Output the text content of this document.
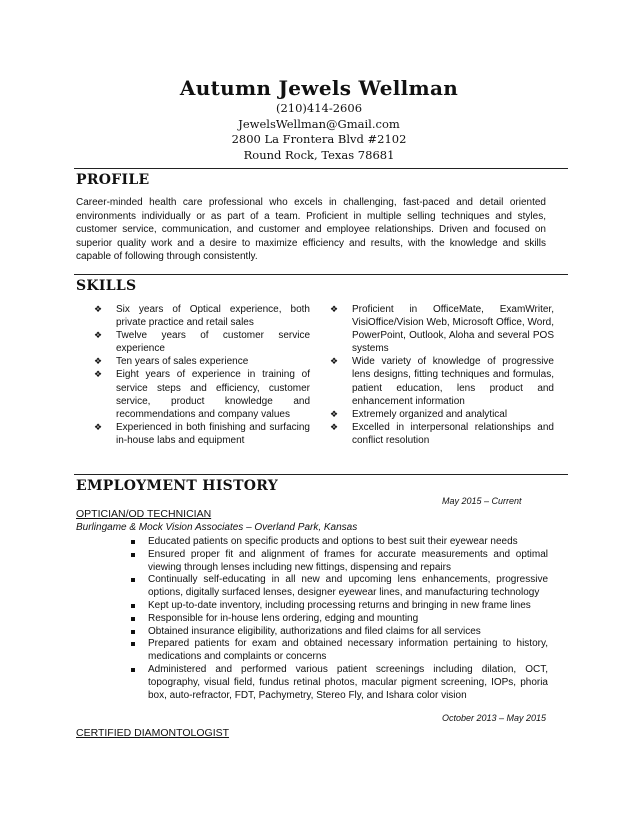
Autumn Jewels Wellman
(210)414-2606
JewelsWellman@Gmail.com
2800 La Frontera Blvd #2102
Round Rock, Texas 78681
PROFILE
Career-minded health care professional who excels in challenging, fast-paced and detail oriented environments individually or as part of a team. Proficient in multiple selling techniques and styles, customer service, communication, and customer and employee relationships. Driven and focused on superior quality work and a desire to maximize efficiency and results, with the knowledge and skills capable of following through consistently.
SKILLS
❖ Six years of Optical experience, both private practice and retail sales
❖ Twelve years of customer service experience
❖ Ten years of sales experience
❖ Eight years of experience in training of service steps and efficiency, customer service, product knowledge and recommendations and company values
❖ Experienced in both finishing and surfacing in-house labs and equipment
❖ Proficient in OfficeMate, ExamWriter, VisiOffice/Vision Web, Microsoft Office, Word, PowerPoint, Outlook, Aloha and several POS systems
❖ Wide variety of knowledge of progressive lens designs, fitting techniques and formulas, patient education, lens product and enhancement information
❖ Extremely organized and analytical
❖ Excelled in interpersonal relationships and conflict resolution
EMPLOYMENT HISTORY
May 2015 – Current
OPTICIAN/OD TECHNICIAN
Burlingame & Mock Vision Associates – Overland Park, Kansas
Educated patients on specific products and options to best suit their eyewear needs
Ensured proper fit and alignment of frames for accurate measurements and optimal viewing through lenses including new fittings, dispensing and repairs
Continually self-educating in all new and upcoming lens enhancements, progressive options, digitally surfaced lenses, designer eyewear lines, and manufacturing technology
Kept up-to-date inventory, including processing returns and bringing in new frame lines
Responsible for in-house lens ordering, edging and mounting
Obtained insurance eligibility, authorizations and filed claims for all services
Prepared patients for exam and obtained necessary information pertaining to history, medications and complaints or concerns
Administered and performed various patient screenings including dilation, OCT, topography, visual field, fundus retinal photos, macular pigment screening, IOPs, phoria box, auto-refractor, FDT, Pachymetry, Stereo Fly, and Ishara color vision
October 2013 – May 2015
CERTIFIED DIAMONTOLOGIST
